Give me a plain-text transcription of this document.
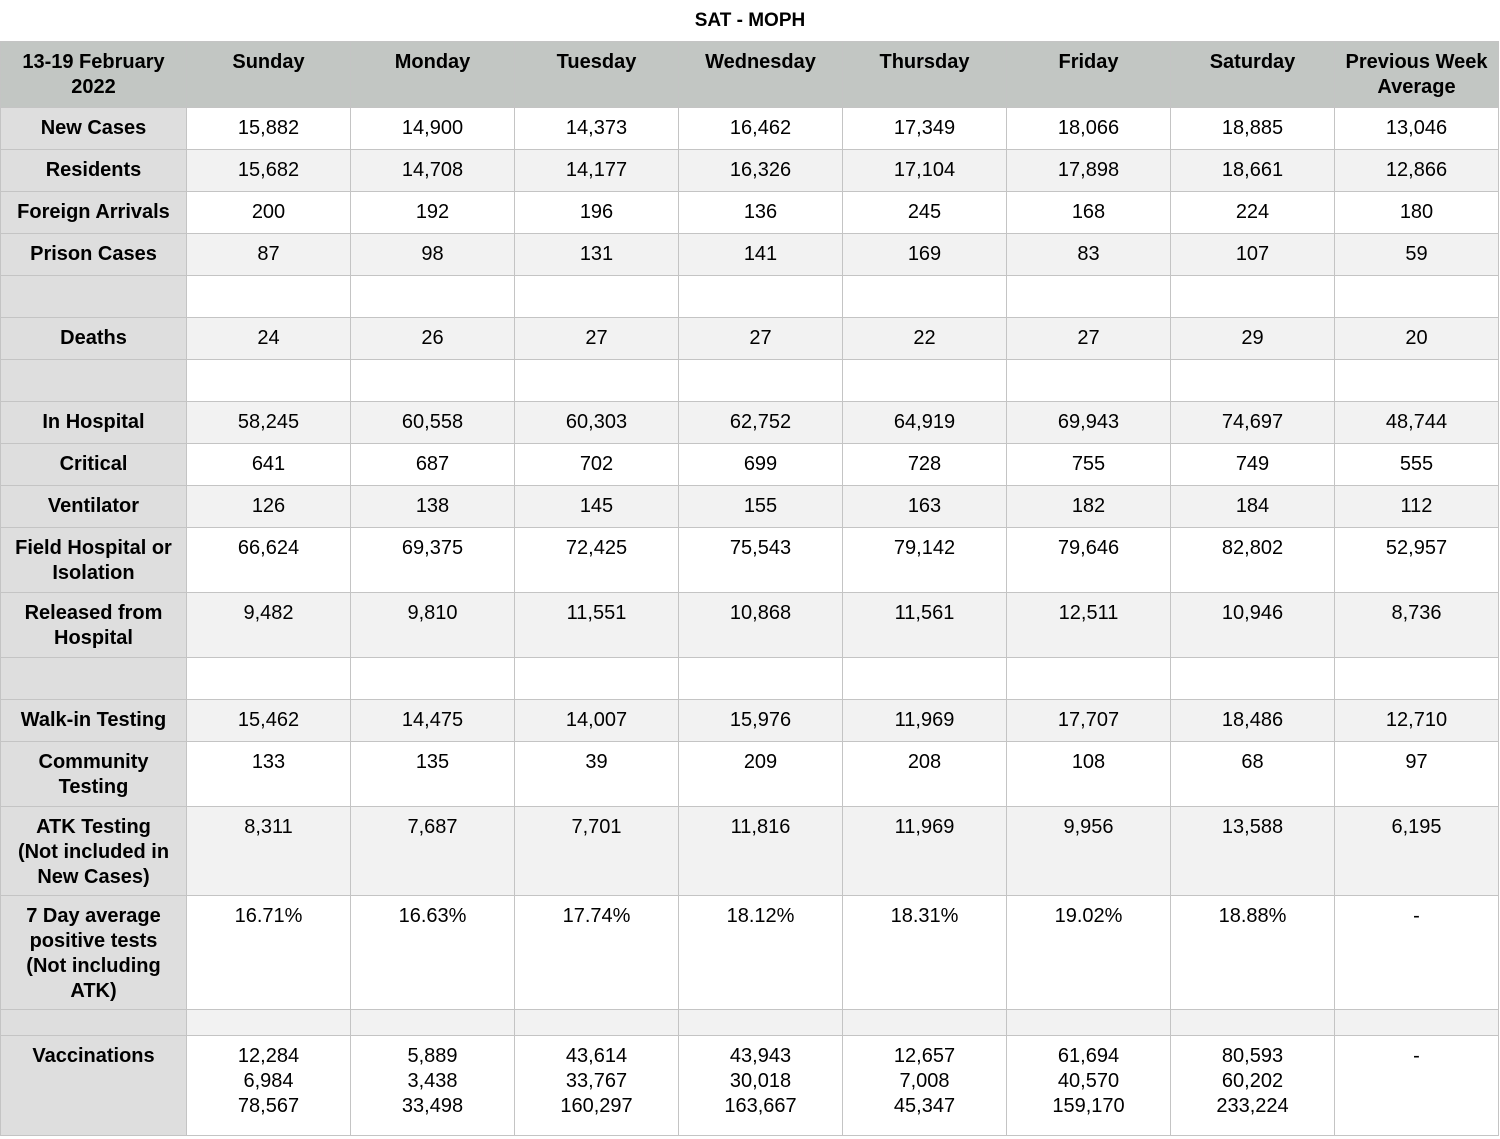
SAT - MOPH
13-19 February
2022	Sunday	Monday	Tuesday	Wednesday	Thursday	Friday	Saturday	Previous Week
Average
New Cases	15,882	14,900	14,373	16,462	17,349	18,066	18,885	13,046
Residents	15,682	14,708	14,177	16,326	17,104	17,898	18,661	12,866
Foreign Arrivals	200	192	196	136	245	168	224	180
Prison Cases	87	98	131	141	169	83	107	59

Deaths	24	26	27	27	22	27	29	20

In Hospital	58,245	60,558	60,303	62,752	64,919	69,943	74,697	48,744
Critical	641	687	702	699	728	755	749	555
Ventilator	126	138	145	155	163	182	184	112
Field Hospital or
Isolation	66,624	69,375	72,425	75,543	79,142	79,646	82,802	52,957
Released from
Hospital	9,482	9,810	11,551	10,868	11,561	12,511	10,946	8,736

Walk-in Testing	15,462	14,475	14,007	15,976	11,969	17,707	18,486	12,710
Community
Testing	133	135	39	209	208	108	68	97
ATK Testing
(Not included in
New Cases)	8,311	7,687	7,701	11,816	11,969	9,956	13,588	6,195
7 Day average
positive tests
(Not including
ATK)	16.71%	16.63%	17.74%	18.12%	18.31%	19.02%	18.88%	-

Vaccinations	12,284
6,984
78,567	5,889
3,438
33,498	43,614
33,767
160,297	43,943
30,018
163,667	12,657
7,008
45,347	61,694
40,570
159,170	80,593
60,202
233,224	-
